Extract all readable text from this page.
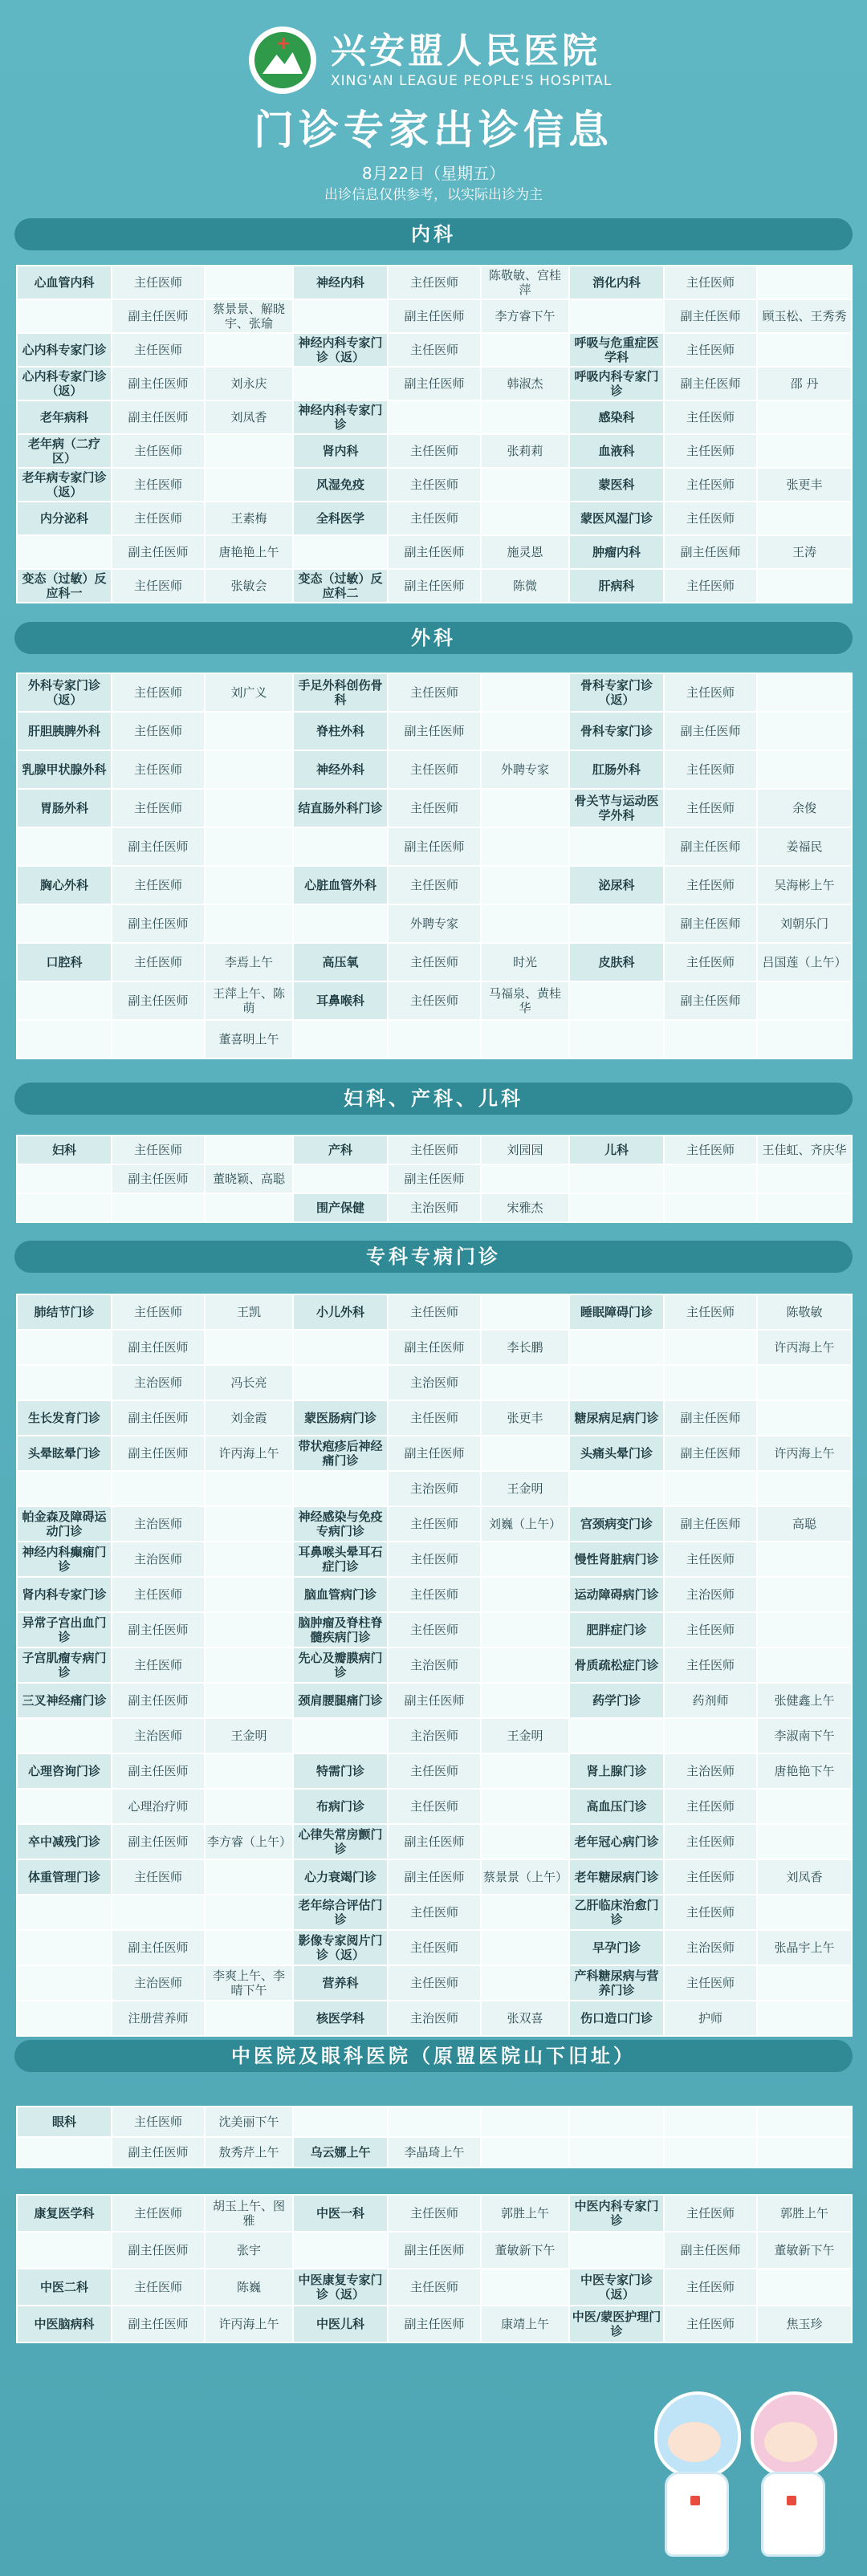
+
兴安盟人民医院
XING'AN LEAGUE PEOPLE'S HOSPITAL
门诊专家出诊信息
8月22日（星期五）
出诊信息仅供参考，以实际出诊为主
内科
心血管内科	主任医师		神经内科	主任医师	陈敬敏、宫桂萍	消化内科	主任医师	
	副主任医师	蔡景景、解晓宇、张瑜		副主任医师	李方睿下午		副主任医师	顾玉松、王秀秀
心内科专家门诊	主任医师		神经内科专家门诊（返）	主任医师		呼吸与危重症医学科	主任医师	
心内科专家门诊（返）	副主任医师	刘永庆		副主任医师	韩淑杰	呼吸内科专家门诊	副主任医师	邵 丹
老年病科	副主任医师	刘凤香	神经内科专家门诊			感染科	主任医师	
老年病（二疗区）	主任医师		肾内科	主任医师	张莉莉	血液科	主任医师	
老年病专家门诊（返）	主任医师		风湿免疫	主任医师		蒙医科	主任医师	张更丰
内分泌科	主任医师	王素梅	全科医学	主任医师		蒙医风湿门诊	主任医师	
	副主任医师	唐艳艳上午		副主任医师	施灵恩	肿瘤内科	副主任医师	王涛
变态（过敏）反应科一	主任医师	张敏会	变态（过敏）反应科二	副主任医师	陈微	肝病科	主任医师	
外科
外科专家门诊（返）	主任医师	刘广义	手足外科创伤骨科	主任医师		骨科专家门诊（返）	主任医师	
肝胆胰脾外科	主任医师		脊柱外科	副主任医师		骨科专家门诊	副主任医师	
乳腺甲状腺外科	主任医师		神经外科	主任医师	外聘专家	肛肠外科	主任医师	
胃肠外科	主任医师		结直肠外科门诊	主任医师		骨关节与运动医学外科	主任医师	余俊
	副主任医师			副主任医师			副主任医师	姜福民
胸心外科	主任医师		心脏血管外科	主任医师		泌尿科	主任医师	吴海彬上午
	副主任医师			外聘专家			副主任医师	刘朝乐门
口腔科	主任医师	李焉上午	高压氧	主任医师	时光	皮肤科	主任医师	吕国莲（上午）
	副主任医师	王萍上午、陈萌	耳鼻喉科	主任医师	马福泉、黄桂华		副主任医师	
		董喜明上午						
妇科、产科、儿科
妇科	主任医师		产科	主任医师	刘园园	儿科	主任医师	王佳虹、齐庆华
	副主任医师	董晓颖、高聪		副主任医师				
			围产保健	主治医师	宋雅杰			
专科专病门诊
肺结节门诊	主任医师	王凯	小儿外科	主任医师		睡眠障碍门诊	主任医师	陈敬敏
	副主任医师			副主任医师	李长鹏			许丙海上午
	主治医师	冯长亮		主治医师				
生长发育门诊	副主任医师	刘金霞	蒙医肠病门诊	主任医师	张更丰	糖尿病足病门诊	副主任医师	
头晕眩晕门诊	副主任医师	许丙海上午	带状疱疹后神经痛门诊	副主任医师		头痛头晕门诊	副主任医师	许丙海上午
				主治医师	王金明			
帕金森及障碍运动门诊	主治医师		神经感染与免疫专病门诊	主任医师	刘巍（上午）	宫颈病变门诊	副主任医师	高聪
神经内科癫痫门诊	主治医师		耳鼻喉头晕耳石症门诊	主任医师		慢性肾脏病门诊	主任医师	
肾内科专家门诊	主任医师		脑血管病门诊	主任医师		运动障碍病门诊	主治医师	
异常子宫出血门诊	副主任医师		脑肿瘤及脊柱脊髓疾病门诊	主任医师		肥胖症门诊	主任医师	
子宫肌瘤专病门诊	主任医师		先心及瓣膜病门诊	主治医师		骨质疏松症门诊	主任医师	
三叉神经痛门诊	副主任医师		颈肩腰腿痛门诊	副主任医师		药学门诊	药剂师	张健鑫上午
	主治医师	王金明		主治医师	王金明			李淑南下午
心理咨询门诊	副主任医师		特需门诊	主任医师		肾上腺门诊	主治医师	唐艳艳下午
	心理治疗师		布病门诊	主任医师		高血压门诊	主任医师	
卒中减残门诊	副主任医师	李方睿（上午）	心律失常房颤门诊	副主任医师		老年冠心病门诊	主任医师	
体重管理门诊	主任医师		心力衰竭门诊	副主任医师	蔡景景（上午）	老年糖尿病门诊	主任医师	刘凤香
			老年综合评估门诊	主任医师		乙肝临床治愈门诊	主任医师	
	副主任医师		影像专家阅片门诊（返）	主任医师		早孕门诊	主治医师	张晶宇上午
	主治医师	李爽上午、李晴下午	营养科	主任医师		产科糖尿病与营养门诊	主任医师	
	注册营养师		核医学科	主治医师	张双喜	伤口造口门诊	护师	
中医院及眼科医院（原盟医院山下旧址）
眼科	主任医师	沈美丽下午						
	副主任医师	敖秀芹上午	乌云娜上午	李晶琦上午				
康复医学科	主任医师	胡玉上午、图雅	中医一科	主任医师	郭胜上午	中医内科专家门诊	主任医师	郭胜上午
	副主任医师	张宇		副主任医师	董敏新下午		副主任医师	董敏新下午
中医二科	主任医师	陈巍	中医康复专家门诊（返）	主任医师		中医专家门诊（返）	主任医师	
中医脑病科	副主任医师	许丙海上午	中医儿科	副主任医师	康靖上午	中医/蒙医护理门诊	主任医师	焦玉珍
